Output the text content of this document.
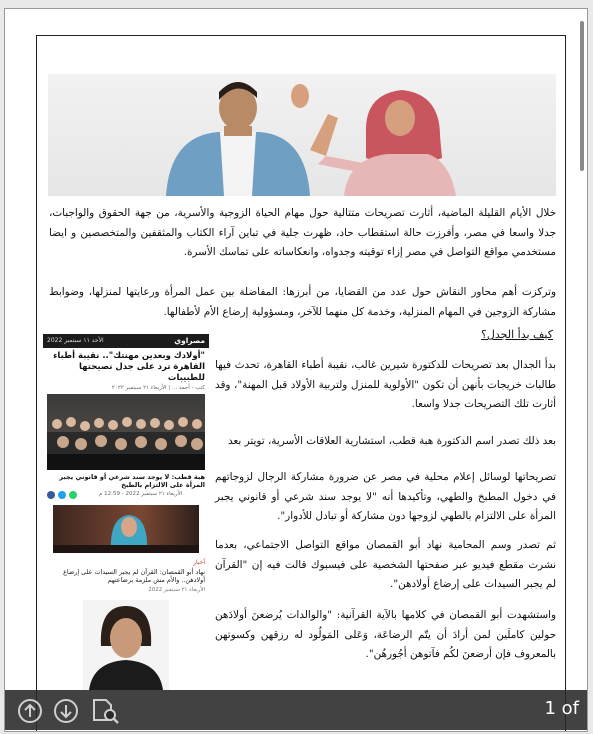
خلال الأيام القليلة الماضية، أثارت تصريحات متتالية حول مهام الحياة الزوجية والأسرية، من جهة الحقوق والواجبات، جدلا واسعا في مصر، وأفرزت حالة استقطاب حاد، ظهرت جلية في تباين آراء الكتاب والمثقفين والمتخصصين و ايضا مستخدمي مواقع التواصل في مصر إزاء توقيته وجدواه، وانعكاساته على تماسك الأسرة.

وتركزت أهم محاور النقاش حول عدد من القضايا، من أبرزها: المفاضلة بين عمل المرأة ورعايتها لمنزلها، وضوابط مشاركة الزوجين في المهام المنزلية، وخدمة كل منهما للآخر، ومسؤولية إرضاع الأم لأطفالها.

كيف بدأ الجدل؟

بدأ الجدال بعد تصريحات للدكتورة شيرين غالب، نقيبة أطباء القاهرة، تحدث فيها طالبات خريجات بأنهن أن تكون "الأولوية للمنزل ولتربية الأولاد قبل المهنة"، وقد أثارت تلك التصريحات جدلا واسعا.

بعد ذلك تصدر اسم الدكتورة هبة قطب، استشارية العلاقات الأسرية، تويتر بعد

تصريحاتها لوسائل إعلام محلية في مصر عن ضرورة مشاركة الرجال لزوجاتهم في دخول المطبخ والطهي، وتأكيدها أنه "لا يوجد سند شرعي أو قانوني يجبر المرأة على الالتزام بالطهي لزوجها دون مشاركة أو تبادل للأدوار".

ثم تصدر وسم المحامية نهاد أبو القمصان مواقع التواصل الاجتماعي، بعدما نشرت مقطع فيديو عبر صفحتها الشخصية على فيسبوك قالت فيه إن "القرآن لم يجبر السيدات على إرضاع أولادهن".

واستشهدت أبو القمصان في كلامها بالآية القرآنية: "والوالدات يُرضعنَ أولادَهن حولين كاملَين لمن أرادَ أن يتّم الرضاعَة، وَعَلى المَولُود له رزقهن وكسوتهن بالمعروف فإن أرضعنَ لكُم فآتوهن أجُورهُن".

مصراوي
الأحد ١١ سبتمبر 2022
"أولادك وبعدين مهنتك".. نقيبة أطباء القاهرة ترد على جدل نصيحتها للطبيبات
كتب - أحمد ... | الأربعاء ٢١ سبتمبر ٢٠٢٢
هبة قطب: لا يوجد سند شرعي أو قانوني يجبر المرأة على الالتزام بالطبخ
الأربعاء ٢١ سبتمبر 2022 - 12:59 م
أخبار
نهاد أبو القمصان: القرآن لم يجبر السيدات على إرضاع أولادهن.. والأم مش ملزمة برضاعتهم
الأربعاء ٢١ سبتمبر 2022
1 of
